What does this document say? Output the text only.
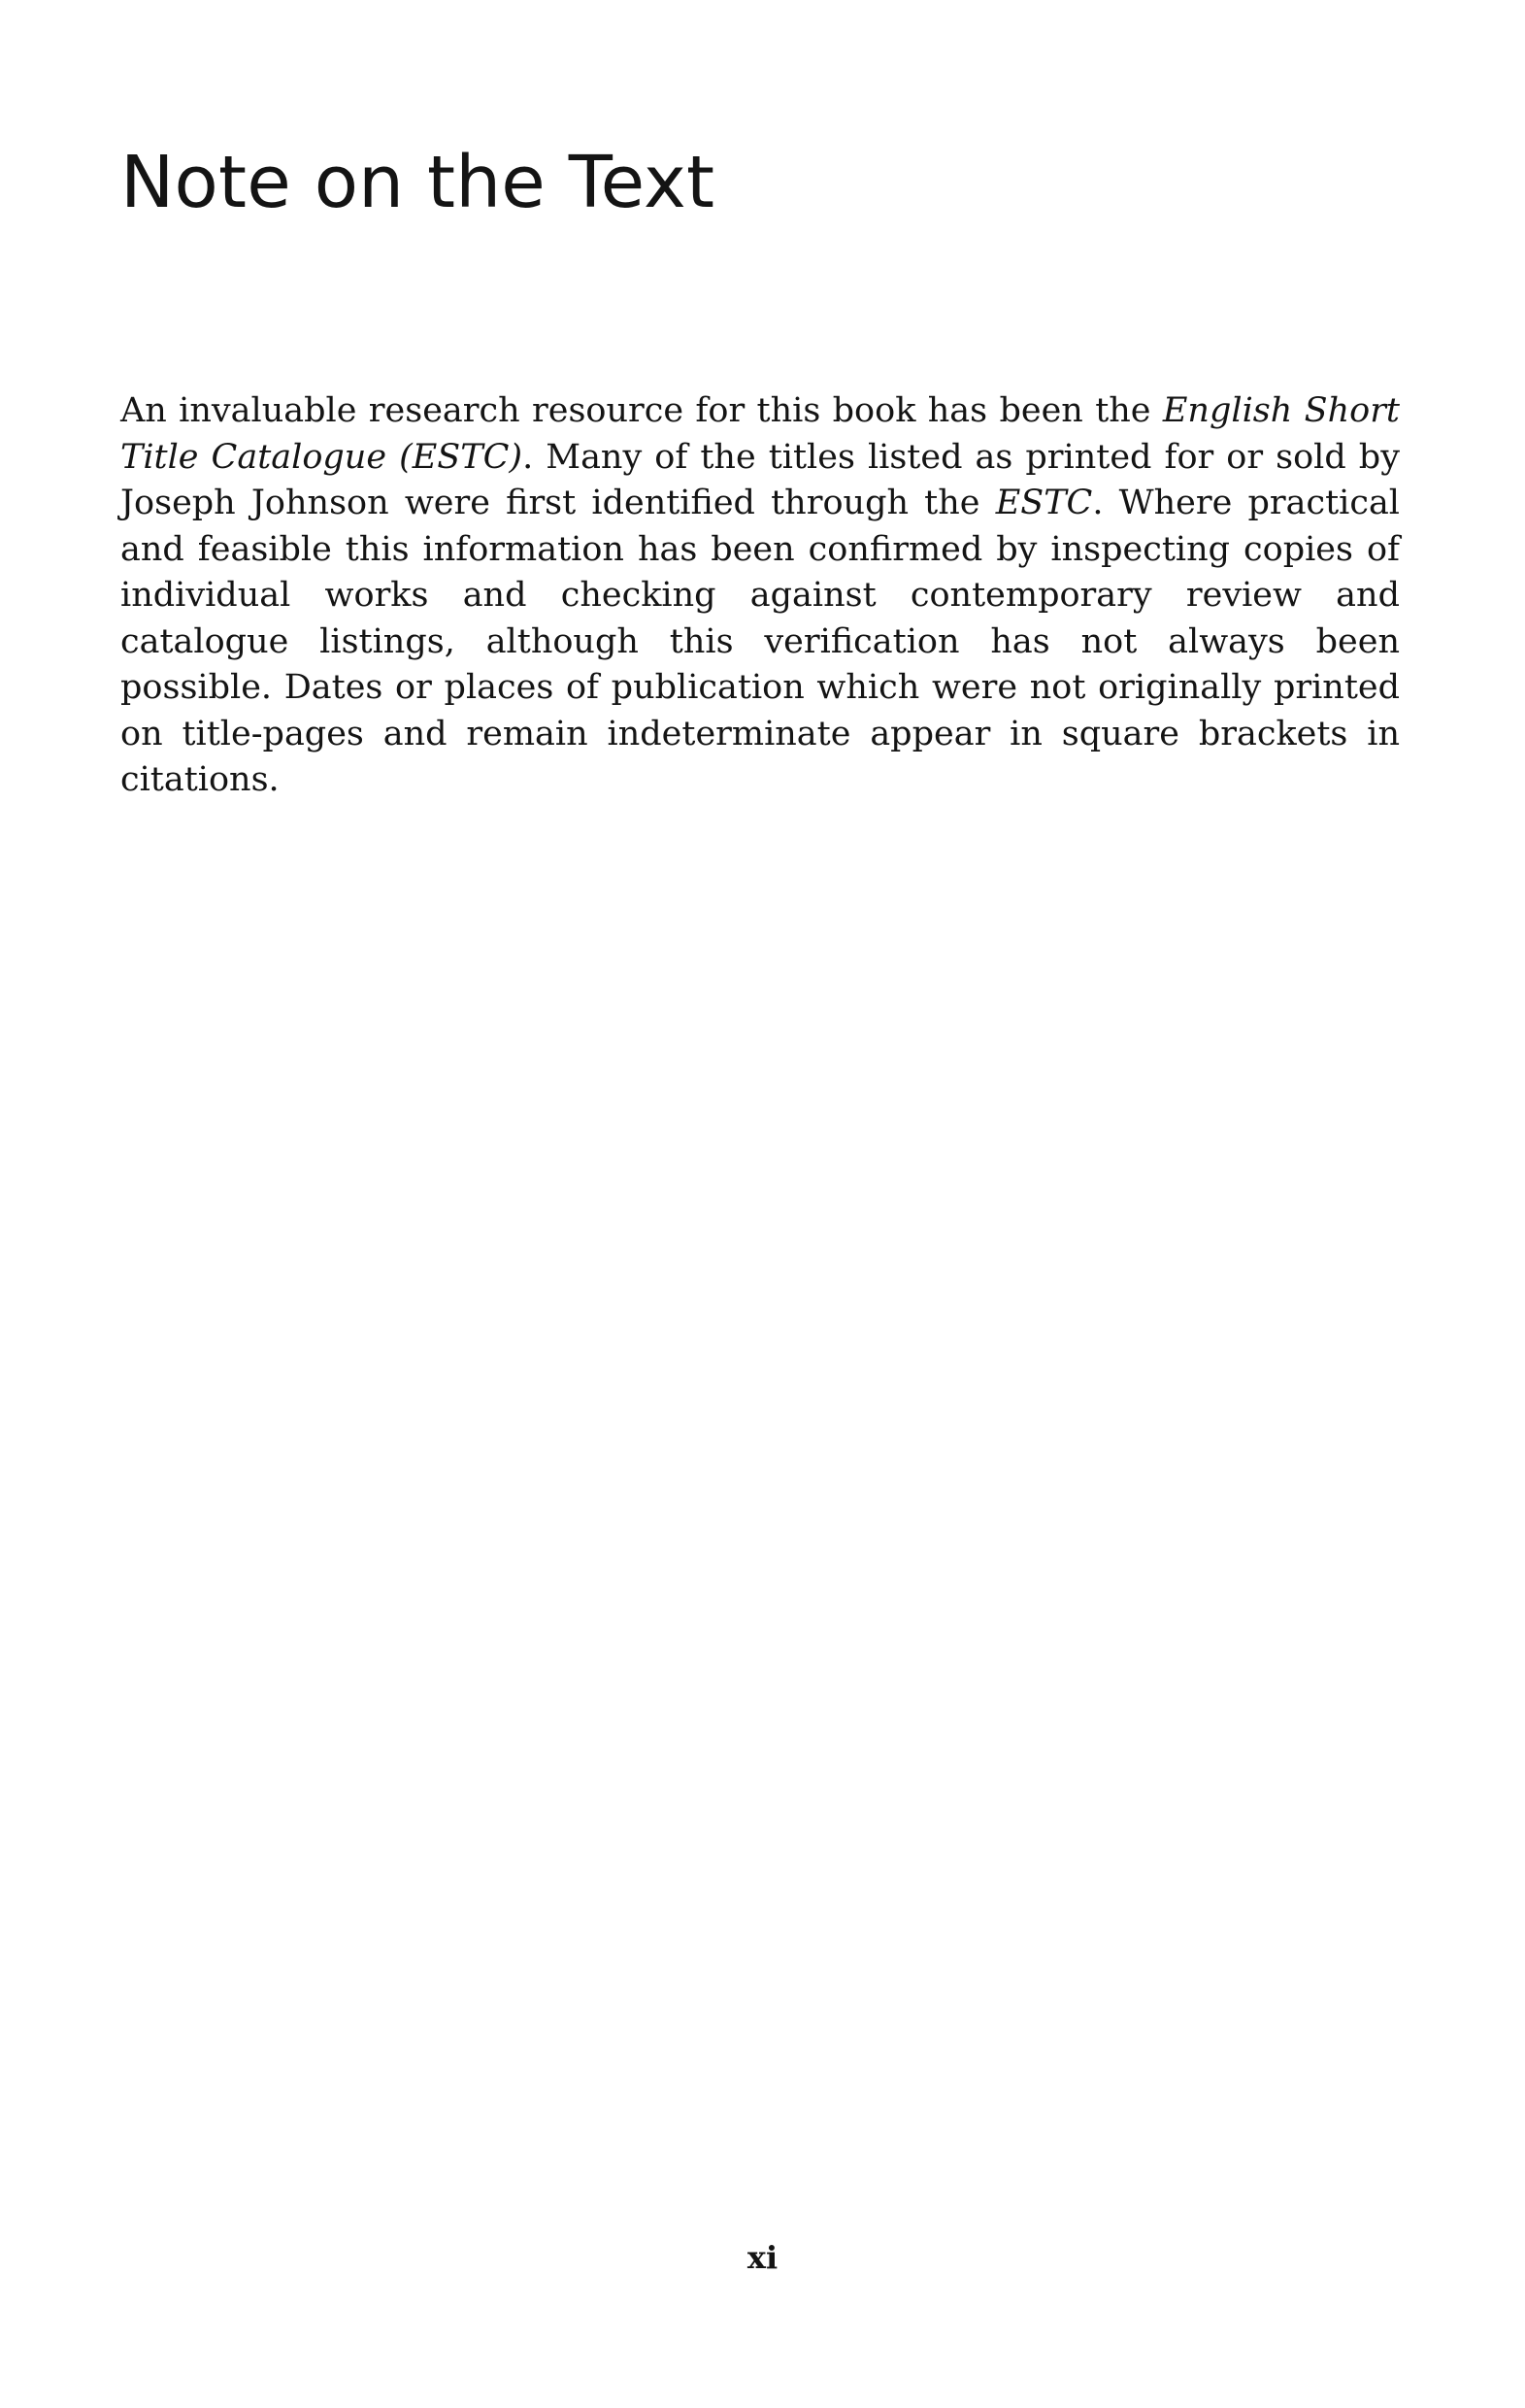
Note on the Text

An invaluable research resource for this book has been the English Short Title Catalogue (ESTC). Many of the titles listed as printed for or sold by Joseph Johnson were first identified through the ESTC. Where practical and feasible this information has been confirmed by inspecting copies of individual works and checking against contemporary review and catalogue listings, although this verification has not always been possible. Dates or places of publication which were not originally printed on title-pages and remain indeterminate appear in square brackets in citations.

xi
